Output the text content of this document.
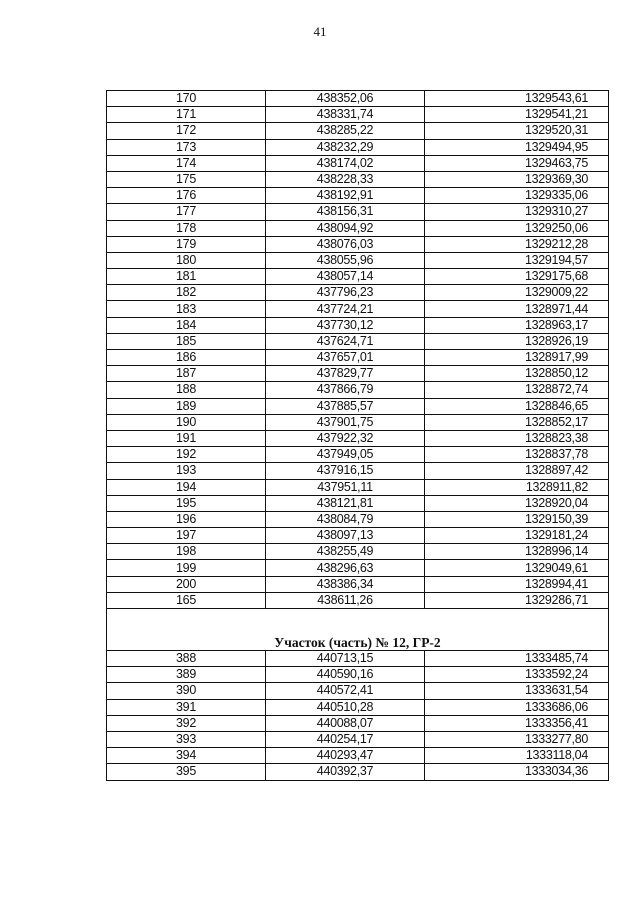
41
170	438352,06	1329543,61
171	438331,74	1329541,21
172	438285,22	1329520,31
173	438232,29	1329494,95
174	438174,02	1329463,75
175	438228,33	1329369,30
176	438192,91	1329335,06
177	438156,31	1329310,27
178	438094,92	1329250,06
179	438076,03	1329212,28
180	438055,96	1329194,57
181	438057,14	1329175,68
182	437796,23	1329009,22
183	437724,21	1328971,44
184	437730,12	1328963,17
185	437624,71	1328926,19
186	437657,01	1328917,99
187	437829,77	1328850,12
188	437866,79	1328872,74
189	437885,57	1328846,65
190	437901,75	1328852,17
191	437922,32	1328823,38
192	437949,05	1328837,78
193	437916,15	1328897,42
194	437951,11	1328911,82
195	438121,81	1328920,04
196	438084,79	1329150,39
197	438097,13	1329181,24
198	438255,49	1328996,14
199	438296,63	1329049,61
200	438386,34	1328994,41
165	438611,26	1329286,71

Участок (часть) № 12, ГР-2		
388	440713,15	1333485,74
389	440590,16	1333592,24
390	440572,41	1333631,54
391	440510,28	1333686,06
392	440088,07	1333356,41
393	440254,17	1333277,80
394	440293,47	1333118,04
395	440392,37	1333034,36
